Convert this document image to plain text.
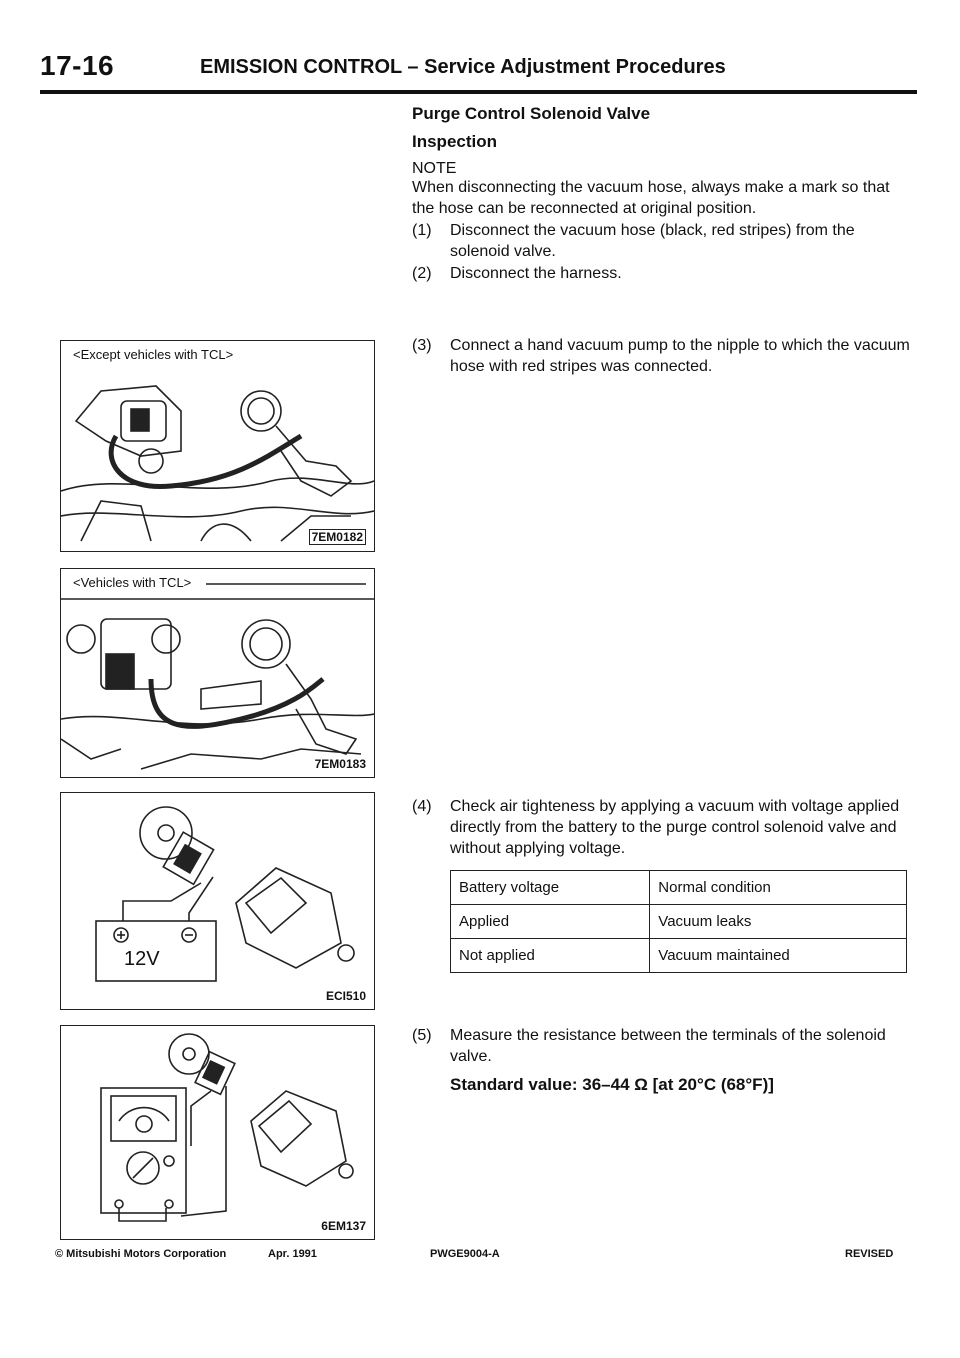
17-16	EMISSION CONTROL – Service Adjustment Procedures
<Except vehicles with TCL>
7EM0182
<Vehicles with TCL>
7EM0183
12V
ECI510
6EM137
Purge Control Solenoid Valve
Inspection
NOTE
When disconnecting the vacuum hose, always make a mark so that the hose can be reconnected at original position.
(1) Disconnect the vacuum hose (black, red stripes) from the solenoid valve.
(2) Disconnect the harness.
(3) Connect a hand vacuum pump to the nipple to which the vacuum hose with red stripes was connected.
(4) Check air tighteness by applying a vacuum with voltage applied directly from the battery to the purge control solenoid valve and without applying voltage.
Battery voltage	Normal condition
Applied	Vacuum leaks
Not applied	Vacuum maintained
(5) Measure the resistance between the terminals of the solenoid valve.
Standard value: 36–44 Ω [at 20°C (68°F)]
© Mitsubishi Motors Corporation	Apr. 1991	PWGE9004-A	REVISED
